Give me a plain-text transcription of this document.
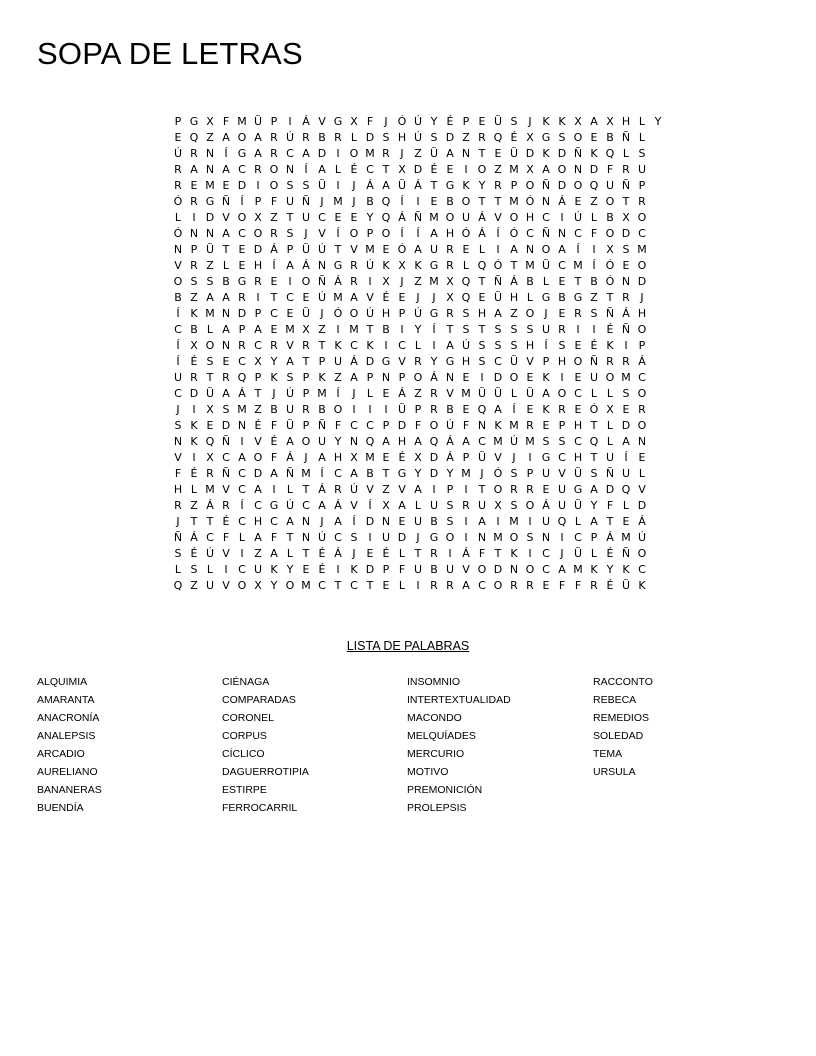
SOPA DE LETRAS
P G X F M Ü P	I Á V G X F	J Ó Ú Y É P E Ü S J K K X A X H L Y
E Q Z A O A R Ú R B R L D S H Ú S D Z R Q É X G S O E B Ñ L
Ú R N Í G A R C A D I O M R J Z Ü A N T E Ü D K D Ñ K Q L S
R A N A C R O N Í A L É C T X D É E I O Z M X A O N D F R U
R E M E D I O S S Ü I	J Á A Ü Á T G K Y R P O Ñ D O Q U Ñ P
Ó R G Ñ Í	P F U Ñ J M J B Q Í	I E B O T T M Ó N Á E Z O T R
L	I D V O X Z T U C E E Y Q Á Ñ M O U Á V O H C I Ú L B X O
Ó N N A C O R S J V Í O P O Í	Í A H Ó Á Í Ó C Ñ N C F O D C
N P Ü T E D Á P Ü Ú T V M E Ó A U R E L	I A N O A Í	I X S M
V R Z L E H Í A Á N G R Ú K X K G R L Q Ó T M Ü C M Í Ó E O
O S S B G R E I O Ñ Á R I X J Z M X Q T Ñ Á B L E T B Ó N D
B Z A A R I	T C E Ú M A V É E J	J X Q E Ü H L G B G Z T R J
Í K M N D P C E Ü J Ó O Ú H P Ú G R S H A Z O J E R S Ñ Á H
C B L A P A E M X Z I M T B I	Y	Í	T S T S S S U R I	I É Ñ O
Í X O N R C R V R T K C K I C L	I A Ú S S S H Í S E É K I	P
Í É S E C X Y A T P U Á D G V R Y G H S C Ü V P H O Ñ R R Á
U R T R Q P K S P K Z A P N P O Á N E I D O E K I E U O M C
C D Ü A Á T	J Ú P M Í	J	L E Á Z R V M Ü Ü L Ü A O C L L S O
J	I X S M Z B U R B O I	I	I Ü P R B E Q A Í E K R E Ó X E R
S K E D N É F Ü P Ñ F C C P D F O Ú F N K M R E P H T L D O
N K Q Ñ I V É A O U Y N Q A H A Q Á A C M Ú M S S C Q L A N
V I X C A O F Á J A H X M E É X D Á P Ü V J	I G C H T U Í E
F É R Ñ C D A Ñ M Í C A B T G Y D Y M J Ó S P U V Ü S Ñ U L
H L M V C A I	L T Á R Ú V Z V A I	P	I	T O R R E U G A D Q V
R Z Á R Í C G Ú C A Á V Í X A L U S R U X S O Á U Ü Y F L D
J	T T É C H C A N J A Í D N E U B S I A I M I U Q L A T E Á
Ñ Á C F L A F T N Ú C S I U D J G O I N M O S N I C P Á M Ú
S É Ú V I Z A L T É Á J E É L T R I Á F T K I C J Ü L É Ñ O
L S L	I C U K Y E É I K D P F U B U V O D N O C A M K Y K C
Q Z U V O X Y O M C T C T E L	I R R A C O R R E F F R É Ü K
LISTA DE PALABRAS
ALQUIMIA
AMARANTA
ANACRONÍA
ANALEPSIS
ARCADIO
AURELIANO
BANANERAS
BUENDÍA
CIÉNAGA
COMPARADAS
CORONEL
CORPUS
CÍCLICO
DAGUERROTIPIA
ESTIRPE
FERROCARRIL
INSOMNIO
INTERTEXTUALIDAD
MACONDO
MELQUÍADES
MERCURIO
MOTIVO
PREMONICIÓN
PROLEPSIS
RACCONTO
REBECA
REMEDIOS
SOLEDAD
TEMA
URSULA
